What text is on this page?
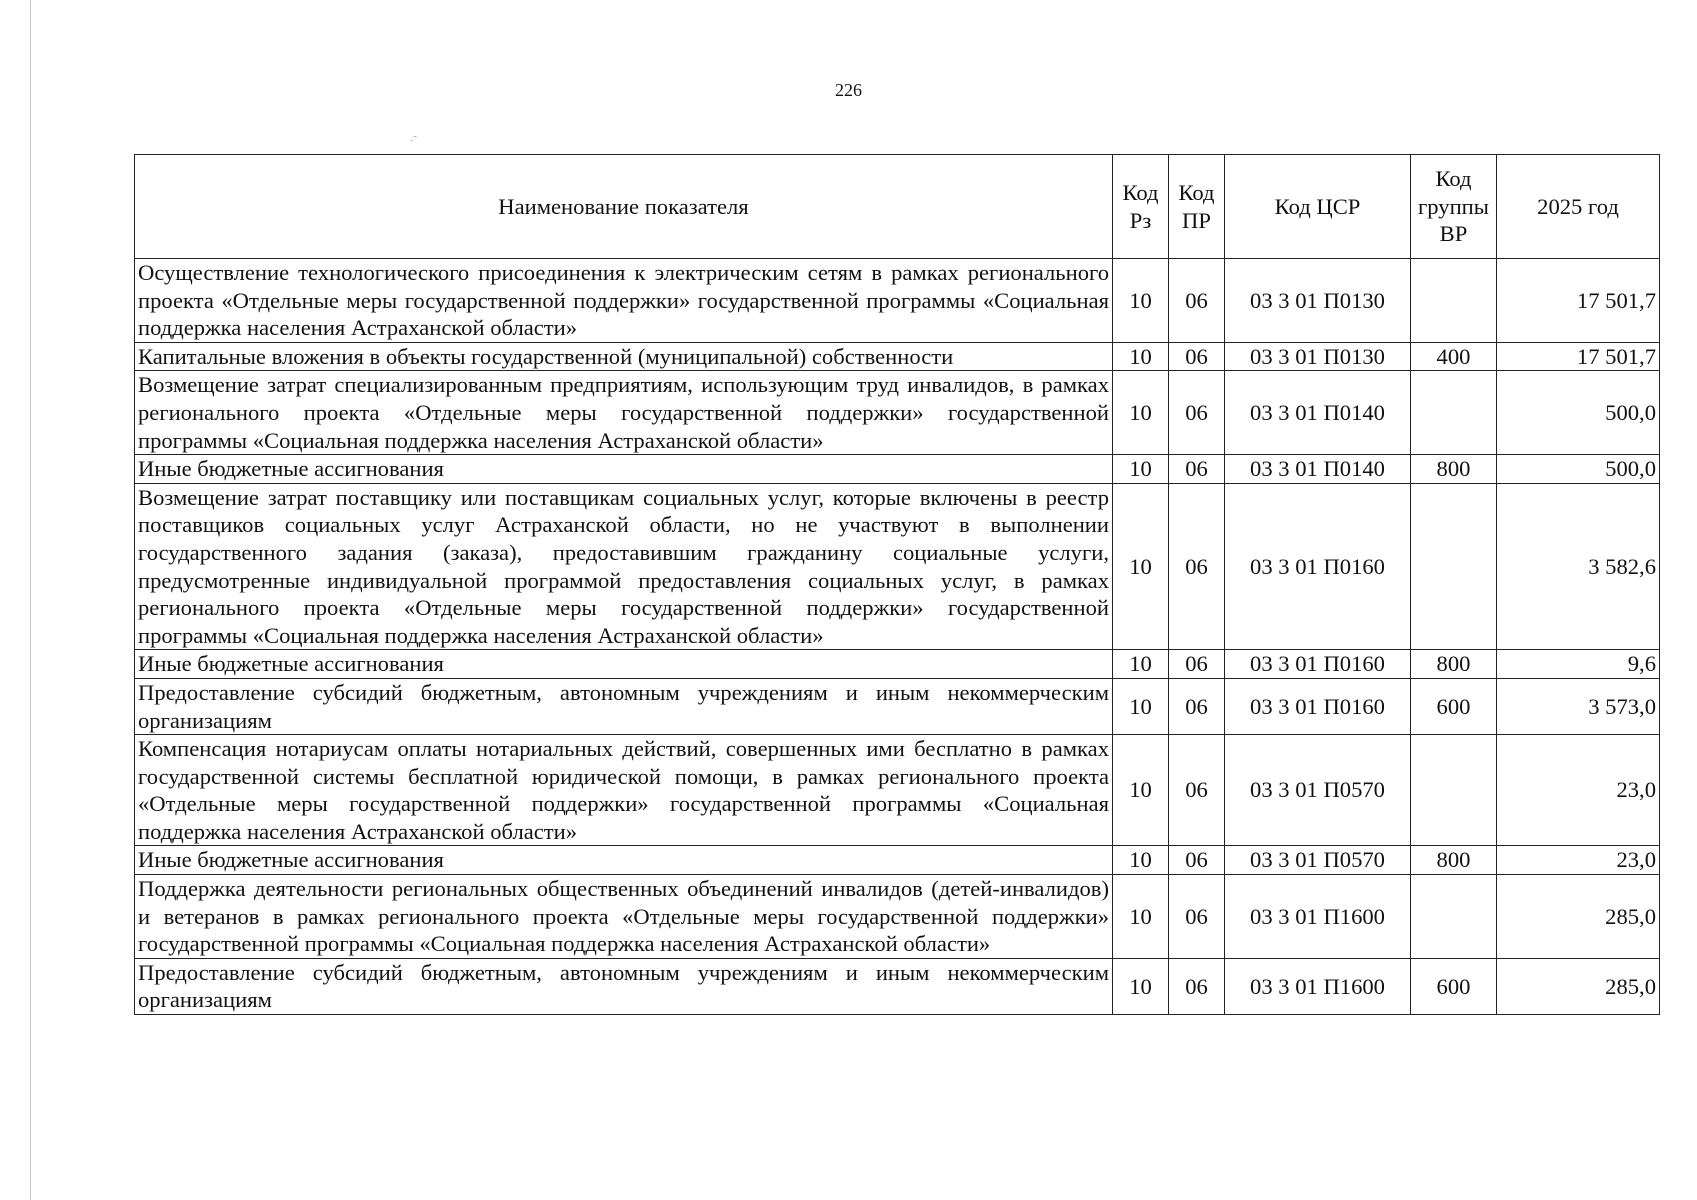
226
ˎ˗
Наименование показателя	Код Рз	Код ПР	Код ЦСР	Код группы ВР	2025 год
Осуществление технологического присоединения к электрическим сетям в рамках регионального проекта «Отдельные меры государственной поддержки» государственной программы «Социальная поддержка населения Астраханской области»	10	06	03 3 01 П0130		17 501,7
Капитальные вложения в объекты государственной (муниципальной) собственности	10	06	03 3 01 П0130	400	17 501,7
Возмещение затрат специализированным предприятиям, использующим труд инвалидов, в рамках регионального проекта «Отдельные меры государственной поддержки» государственной программы «Социальная поддержка населения Астраханской области»	10	06	03 3 01 П0140		500,0
Иные бюджетные ассигнования	10	06	03 3 01 П0140	800	500,0
Возмещение затрат поставщику или поставщикам социальных услуг, которые включены в реестр поставщиков социальных услуг Астраханской области, но не участвуют в выполнении государственного задания (заказа), предоставившим гражданину социальные услуги, предусмотренные индивидуальной программой предоставления социальных услуг, в рамках регионального проекта «Отдельные меры государственной поддержки» государственной программы «Социальная поддержка населения Астраханской области»	10	06	03 3 01 П0160		3 582,6
Иные бюджетные ассигнования	10	06	03 3 01 П0160	800	9,6
Предоставление субсидий бюджетным, автономным учреждениям и иным некоммерческим организациям	10	06	03 3 01 П0160	600	3 573,0
Компенсация нотариусам оплаты нотариальных действий, совершенных ими бесплатно в рамках государственной системы бесплатной юридической помощи, в рамках регионального проекта «Отдельные меры государственной поддержки» государственной программы «Социальная поддержка населения Астраханской области»	10	06	03 3 01 П0570		23,0
Иные бюджетные ассигнования	10	06	03 3 01 П0570	800	23,0
Поддержка деятельности региональных общественных объединений инвалидов (детей-инвалидов) и ветеранов в рамках регионального проекта «Отдельные меры государственной поддержки» государственной программы «Социальная поддержка населения Астраханской области»	10	06	03 3 01 П1600		285,0
Предоставление субсидий бюджетным, автономным учреждениям и иным некоммерческим организациям	10	06	03 3 01 П1600	600	285,0
